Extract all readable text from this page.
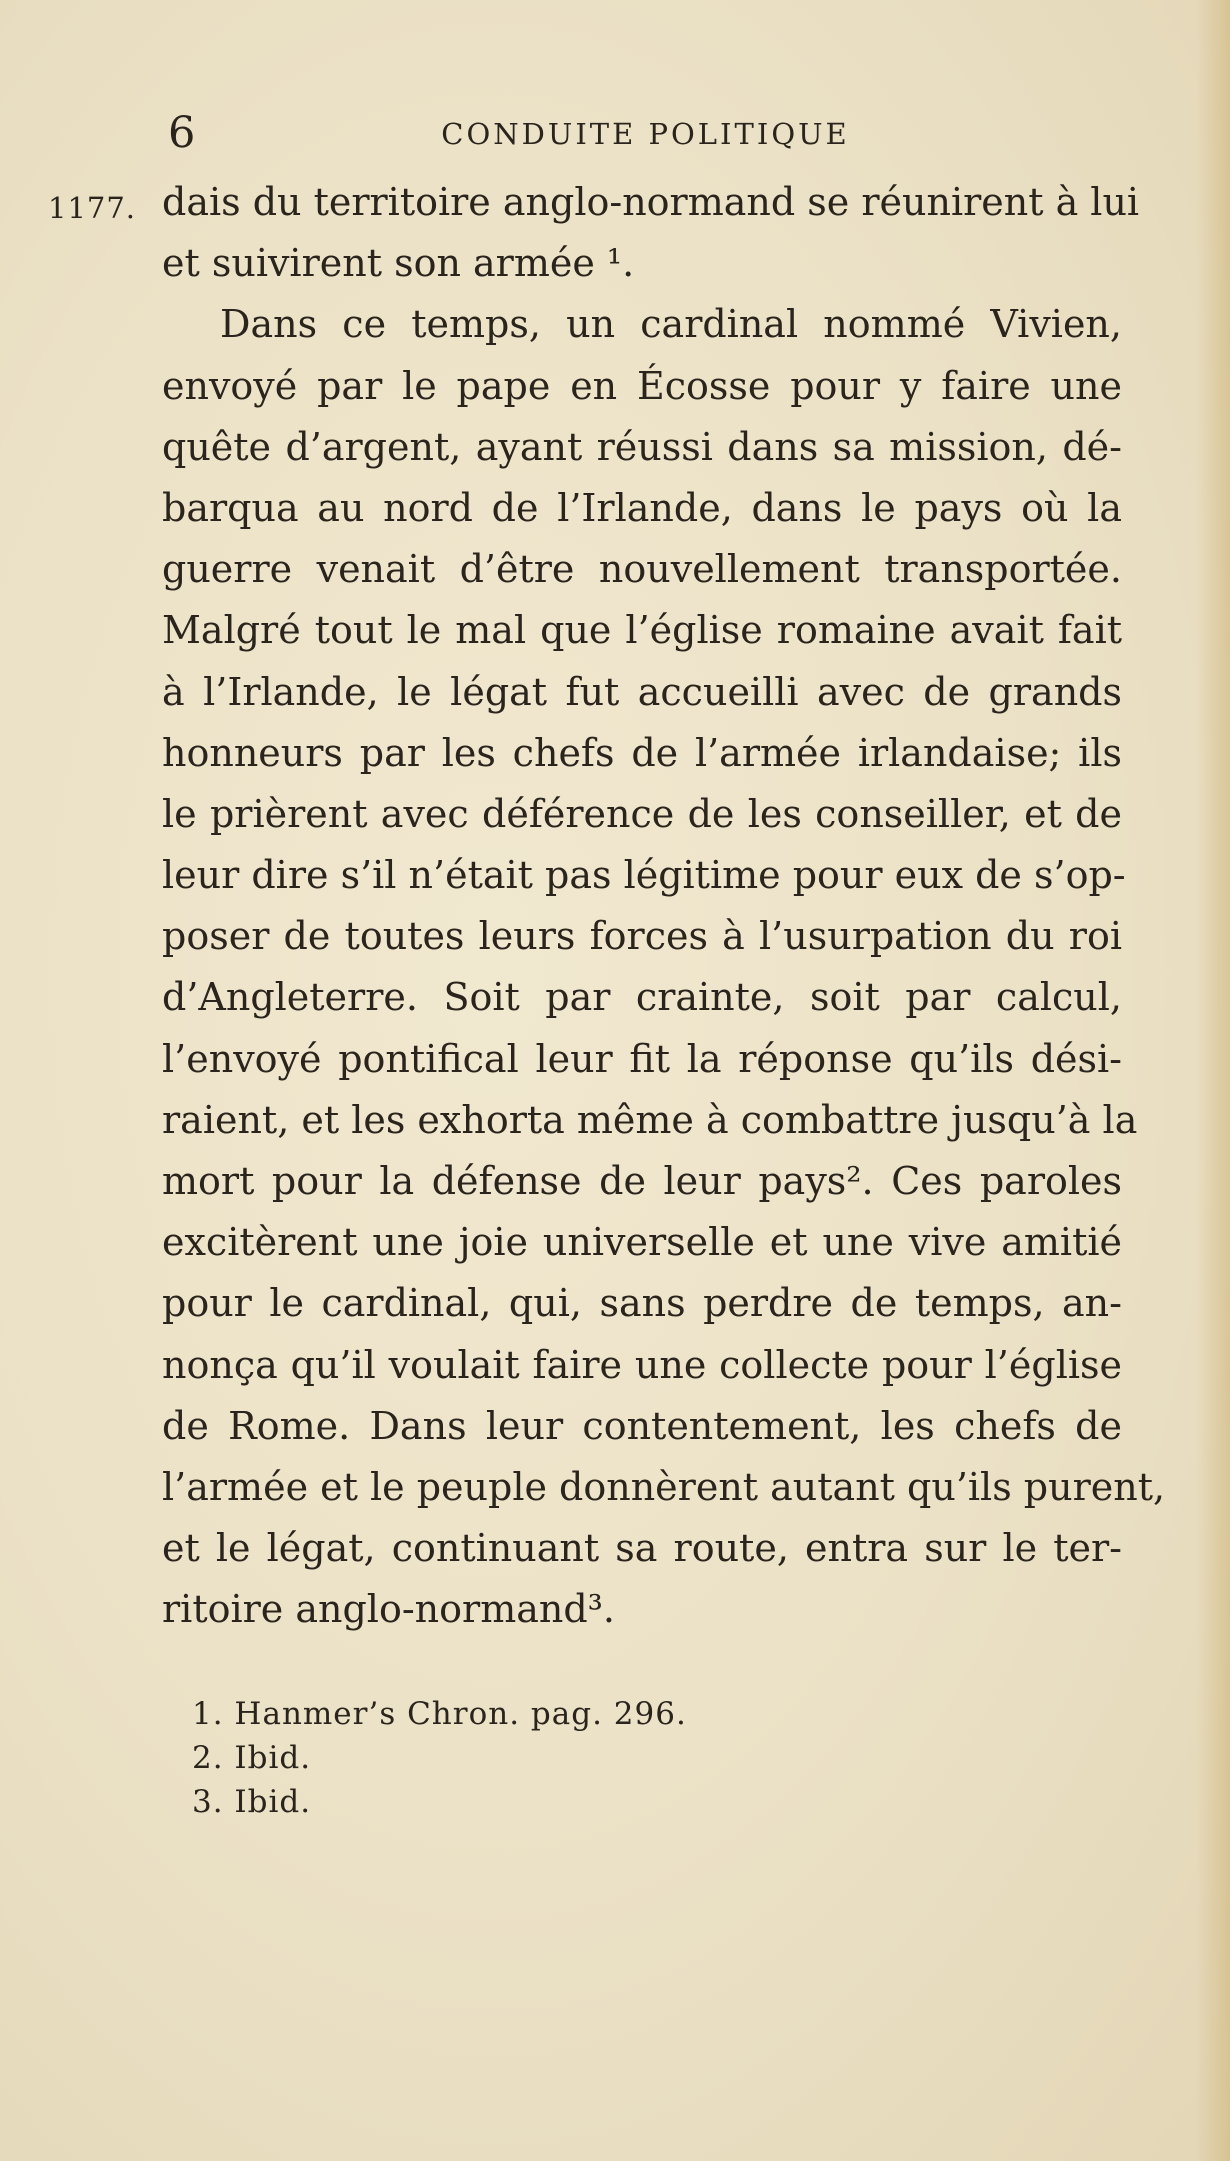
6	CONDUITE POLITIQUE
1177. dais du territoire anglo-normand se réunirent à lui
et suivirent son armée ¹.
Dans ce temps, un cardinal nommé Vivien,
envoyé par le pape en Écosse pour y faire une
quête d’argent, ayant réussi dans sa mission, dé-
barqua au nord de l’Irlande, dans le pays où la
guerre venait d’être nouvellement transportée.
Malgré tout le mal que l’église romaine avait fait
à l’Irlande, le légat fut accueilli avec de grands
honneurs par les chefs de l’armée irlandaise; ils
le prièrent avec déférence de les conseiller, et de
leur dire s’il n’était pas légitime pour eux de s’op-
poser de toutes leurs forces à l’usurpation du roi
d’Angleterre. Soit par crainte, soit par calcul,
l’envoyé pontifical leur fit la réponse qu’ils dési-
raient, et les exhorta même à combattre jusqu’à la
mort pour la défense de leur pays². Ces paroles
excitèrent une joie universelle et une vive amitié
pour le cardinal, qui, sans perdre de temps, an-
nonça qu’il voulait faire une collecte pour l’église
de Rome. Dans leur contentement, les chefs de
l’armée et le peuple donnèrent autant qu’ils purent,
et le légat, continuant sa route, entra sur le ter-
ritoire anglo-normand³.
1. Hanmer’s Chron. pag. 296.
2. Ibid.
3. Ibid.
